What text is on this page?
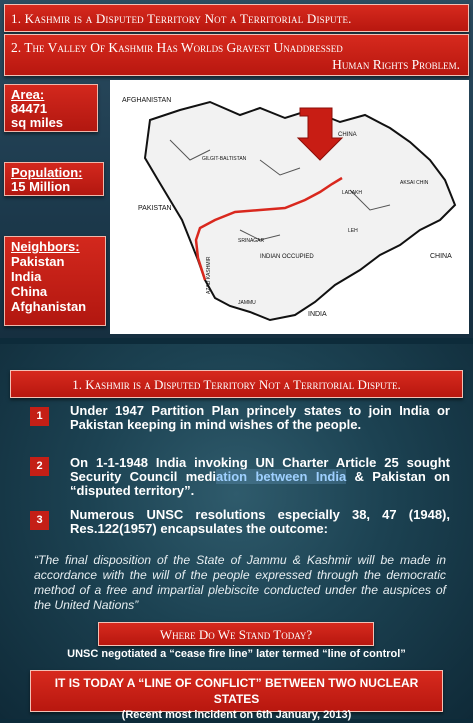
1. Kashmir is a Disputed Territory Not a Territorial Dispute.
2. The Valley Of Kashmir Has Worlds Gravest Unaddressed
Human Rights Problem.
Area:
84471
sq miles
Population:
15 Million
Neighbors:
Pakistan
India
China
Afghanistan
AFGHANISTAN
CHINA
GILGIT-BALTISTAN
PAKISTAN
AKSAI CHIN
CHINA
LADAKH
LEH
SRINAGAR
INDIAN OCCUPIED
JAMMU
INDIA
AZAD KASHMIR
1. Kashmir is a Disputed Territory Not a Territorial Dispute.
1	Under 1947 Partition Plan princely states to join India or Pakistan keeping in mind wishes of the people.
2	On 1-1-1948 India invoking UN Charter Article 25 sought Security Council mediation between India & Pakistan on “disputed territory”.
3	Numerous UNSC resolutions especially 38, 47 (1948), Res.122(1957) encapsulates the outcome:
“The final disposition of the State of Jammu & Kashmir will be made in accordance with the will of the people expressed through the democratic method of a free and impartial plebiscite conducted under the auspices of the United Nations”
Where Do We Stand Today?
UNSC negotiated a “cease fire line” later termed “line of control”
IT IS TODAY A “LINE OF CONFLICT” BETWEEN TWO NUCLEAR STATES
(Recent most incident on 6th January, 2013)
